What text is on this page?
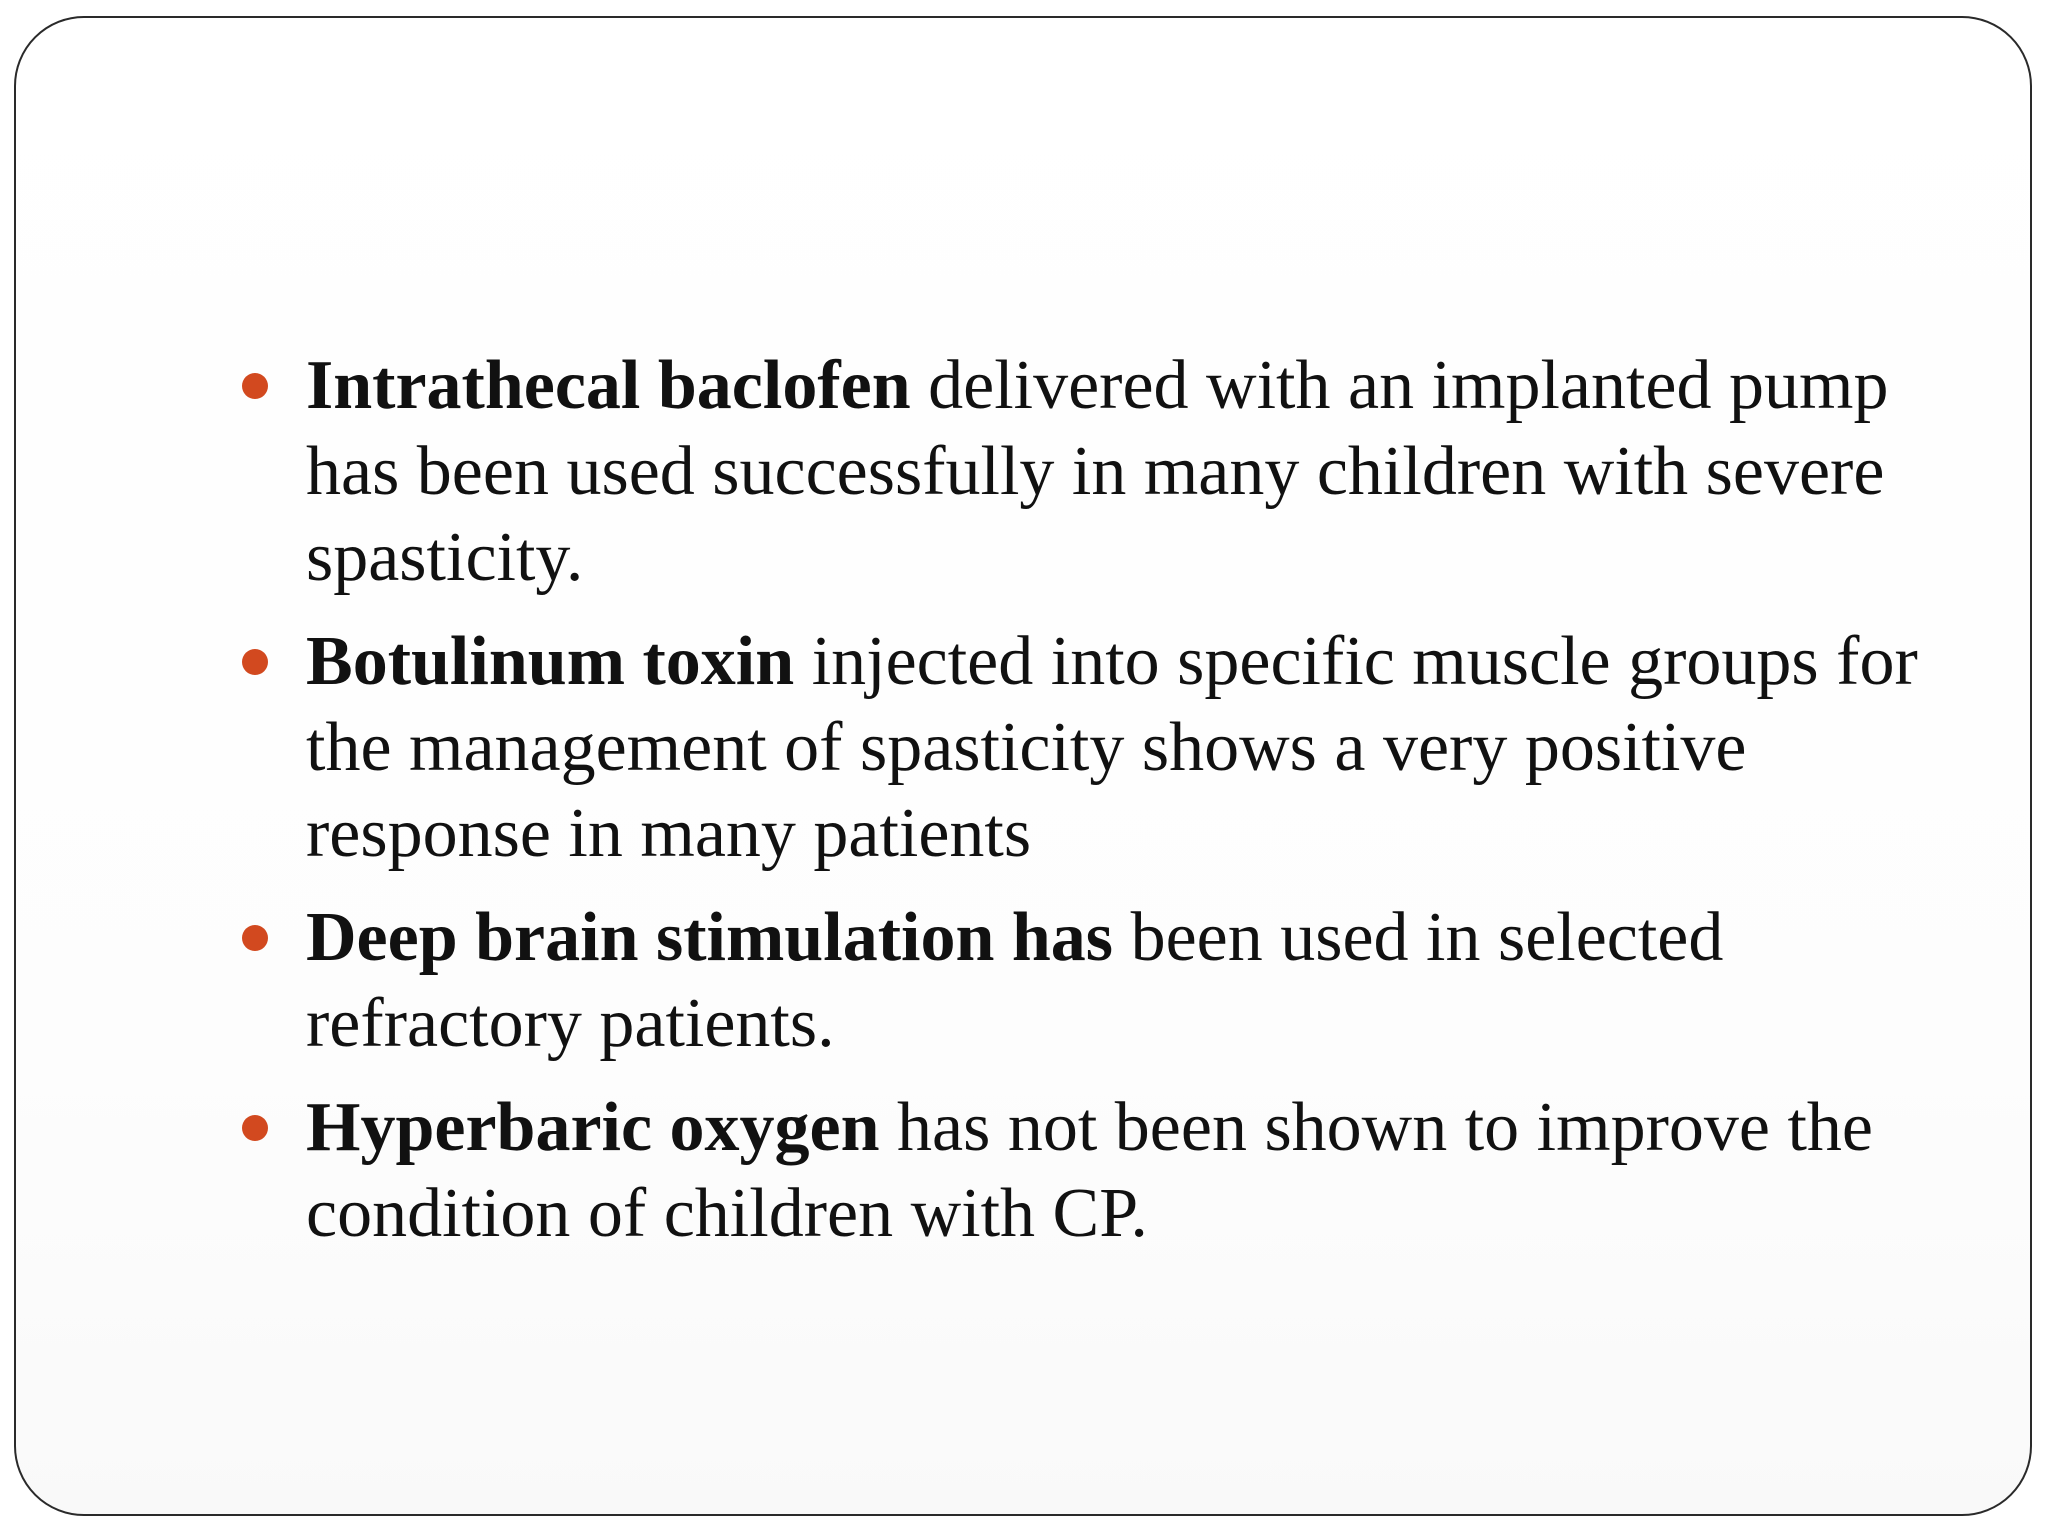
Intrathecal baclofen delivered with an implanted pump has been used successfully in many children with severe spasticity.
Botulinum toxin injected into specific muscle groups for the management of spasticity shows a very positive response in many patients
Deep brain stimulation has been used in selected refractory patients.
Hyperbaric oxygen has not been shown to improve the condition of children with CP.
